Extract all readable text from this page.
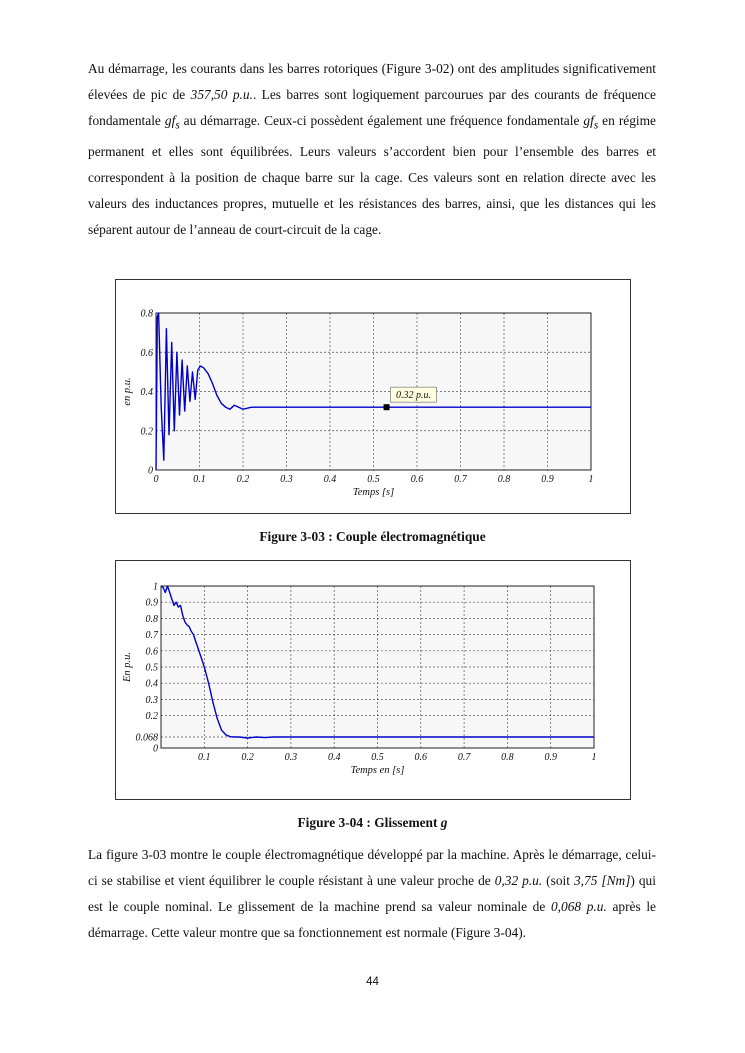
Au démarrage, les courants dans les barres rotoriques (Figure 3-02) ont des amplitudes significativement élevées de pic de 357,50 p.u.. Les barres sont logiquement parcourues par des courants de fréquence fondamentale $gf_s$ au démarrage. Ceux-ci possèdent également une fréquence fondamentale $gf_s$ en régime permanent et elles sont équilibrées. Leurs valeurs s’accordent bien pour l’ensemble des barres et correspondent à la position de chaque barre sur la cage. Ces valeurs sont en relation directe avec les valeurs des inductances propres, mutuelle et les résistances des barres, ainsi, que les distances qui les séparent autour de l’anneau de court-circuit de la cage.

0	0.1	0.2	0.3	0.4	0.5	0.6	0.7	0.8	0.9	1
0
0.2
0.4
0.6
0.8
Temps [s]
en p.u.	0.32 p.u.
Figure 3-03 : Couple électromagnétique
0.1	0.2	0.3	0.4	0.5	0.6	0.7	0.8	0.9	1
0
0.068
0.2
0.3
0.4
0.5
0.6
0.7
0.8
0.9
1
Temps en [s]
En p.u.
Figure 3-04 : Glissement g

La figure 3-03 montre le couple électromagnétique développé par la machine. Après le démarrage, celui-ci se stabilise et vient équilibrer le couple résistant à une valeur proche de 0,32 p.u. (soit 3,75 [Nm]) qui est le couple nominal. Le glissement de la machine prend sa valeur nominale de 0,068 p.u. après le démarrage. Cette valeur montre que sa fonctionnement est normale (Figure 3-04).

44
